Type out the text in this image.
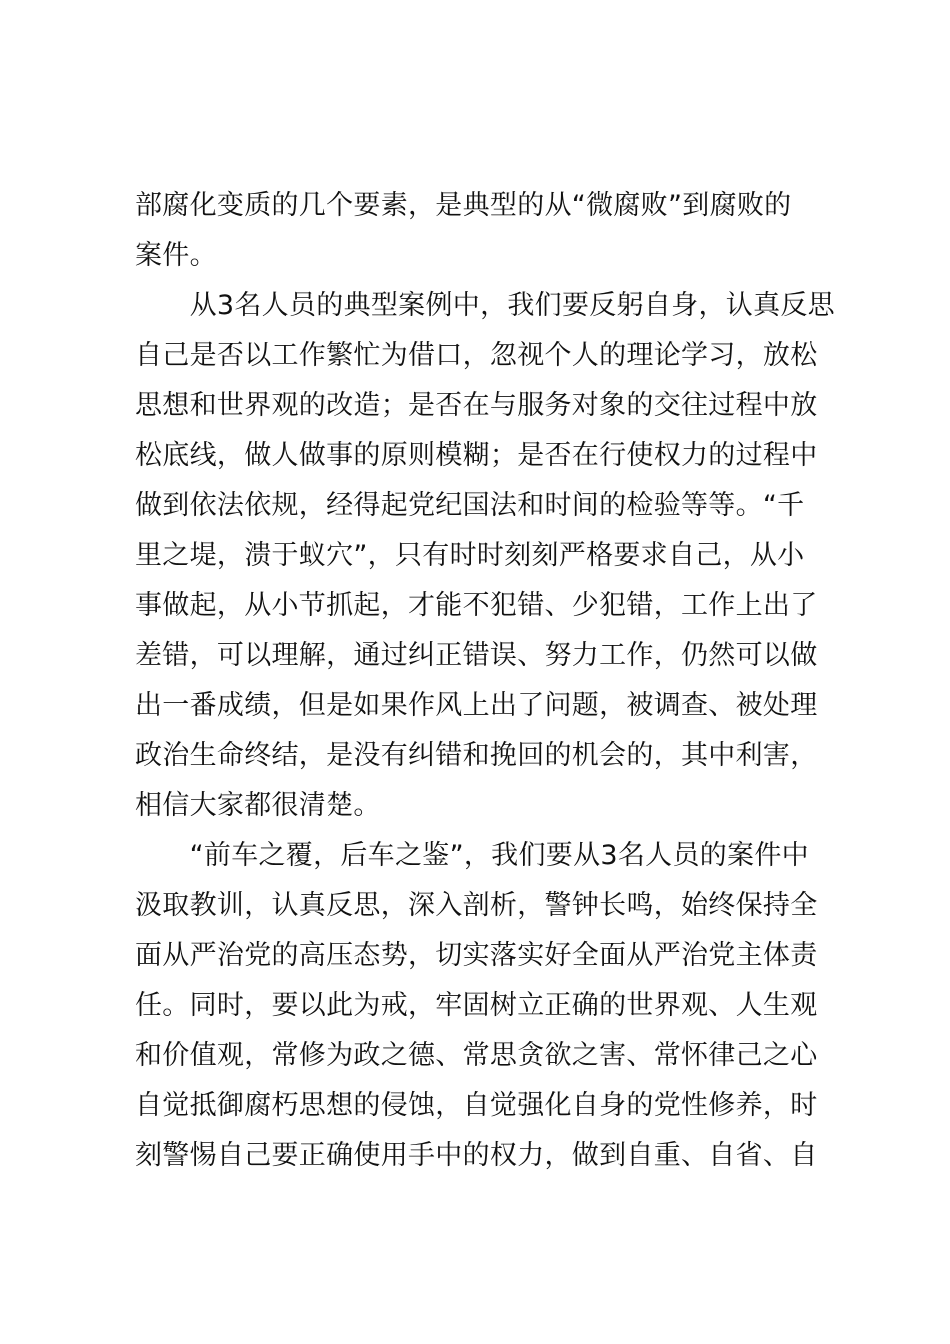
部腐化变质的几个要素，是典型的从“微腐败”到腐败的
案件。
　　从3名人员的典型案例中，我们要反躬自身，认真反思
自己是否以工作繁忙为借口，忽视个人的理论学习，放松
思想和世界观的改造；是否在与服务对象的交往过程中放
松底线，做人做事的原则模糊；是否在行使权力的过程中
做到依法依规，经得起党纪国法和时间的检验等等。“千
里之堤，溃于蚁穴”，只有时时刻刻严格要求自己，从小
事做起，从小节抓起，才能不犯错、少犯错，工作上出了
差错，可以理解，通过纠正错误、努力工作，仍然可以做
出一番成绩，但是如果作风上出了问题，被调查、被处理
政治生命终结，是没有纠错和挽回的机会的，其中利害，
相信大家都很清楚。
　　“前车之覆，后车之鉴”，我们要从3名人员的案件中
汲取教训，认真反思，深入剖析，警钟长鸣，始终保持全
面从严治党的高压态势，切实落实好全面从严治党主体责
任。同时，要以此为戒，牢固树立正确的世界观、人生观
和价值观，常修为政之德、常思贪欲之害、常怀律己之心
自觉抵御腐朽思想的侵蚀，自觉强化自身的党性修养，时
刻警惕自己要正确使用手中的权力，做到自重、自省、自
